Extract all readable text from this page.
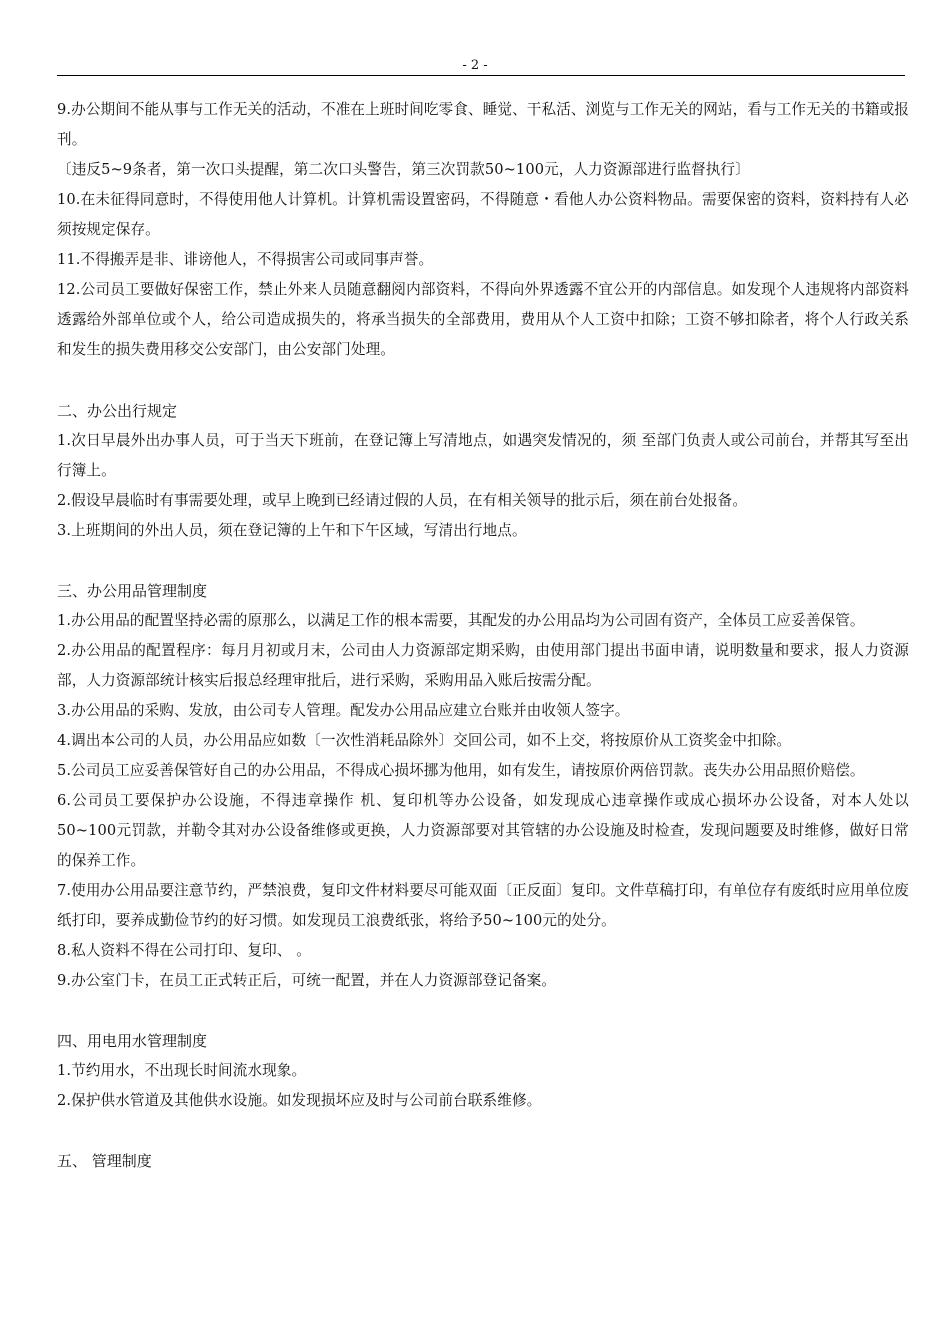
- 2 -

9.办公期间不能从事与工作无关的活动，不准在上班时间吃零食、睡觉、干私活、浏览与工作无关的网站，看与工作无关的书籍或报刊。

〔违反5~9条者，第一次口头提醒，第二次口头警告，第三次罚款50~100元，人力资源部进行监督执行〕

10.在未征得同意时，不得使用他人计算机。计算机需设置密码，不得随意・看他人办公资料物品。需要保密的资料，资料持有人必须按规定保存。

11.不得搬弄是非、诽谤他人，不得损害公司或同事声誉。

12.公司员工要做好保密工作，禁止外来人员随意翻阅内部资料，不得向外界透露不宜公开的内部信息。如发现个人违规将内部资料透露给外部单位或个人，给公司造成损失的，将承当损失的全部费用，费用从个人工资中扣除；工资不够扣除者，将个人行政关系和发生的损失费用移交公安部门，由公安部门处理。

二、办公出行规定

1.次日早晨外出办事人员，可于当天下班前，在登记簿上写清地点，如遇突发情况的，须 至部门负责人或公司前台，并帮其写至出行簿上。

2.假设早晨临时有事需要处理，或早上晚到已经请过假的人员，在有相关领导的批示后，须在前台处报备。

3.上班期间的外出人员，须在登记簿的上午和下午区域，写清出行地点。

三、办公用品管理制度

1.办公用品的配置坚持必需的原那么，以满足工作的根本需要，其配发的办公用品均为公司固有资产，全体员工应妥善保管。

2.办公用品的配置程序：每月月初或月末，公司由人力资源部定期采购，由使用部门提出书面申请，说明数量和要求，报人力资源部，人力资源部统计核实后报总经理审批后，进行采购，采购用品入账后按需分配。

3.办公用品的采购、发放，由公司专人管理。配发办公用品应建立台账并由收领人签字。

4.调出本公司的人员，办公用品应如数〔一次性消耗品除外〕交回公司，如不上交，将按原价从工资奖金中扣除。

5.公司员工应妥善保管好自己的办公用品，不得成心损坏挪为他用，如有发生，请按原价两倍罚款。丧失办公用品照价赔偿。

6.公司员工要保护办公设施，不得违章操作 机、复印机等办公设备，如发现成心违章操作或成心损坏办公设备，对本人处以50~100元罚款，并勒令其对办公设备维修或更换，人力资源部要对其管辖的办公设施及时检查，发现问题要及时维修，做好日常的保养工作。

7.使用办公用品要注意节约，严禁浪费，复印文件材料要尽可能双面〔正反面〕复印。文件草稿打印，有单位存有废纸时应用单位废纸打印，要养成勤俭节约的好习惯。如发现员工浪费纸张，将给予50~100元的处分。

8.私人资料不得在公司打印、复印、 。

9.办公室门卡，在员工正式转正后，可统一配置，并在人力资源部登记备案。

四、用电用水管理制度

1.节约用水，不出现长时间流水现象。

2.保护供水管道及其他供水设施。如发现损坏应及时与公司前台联系维修。

五、 管理制度
